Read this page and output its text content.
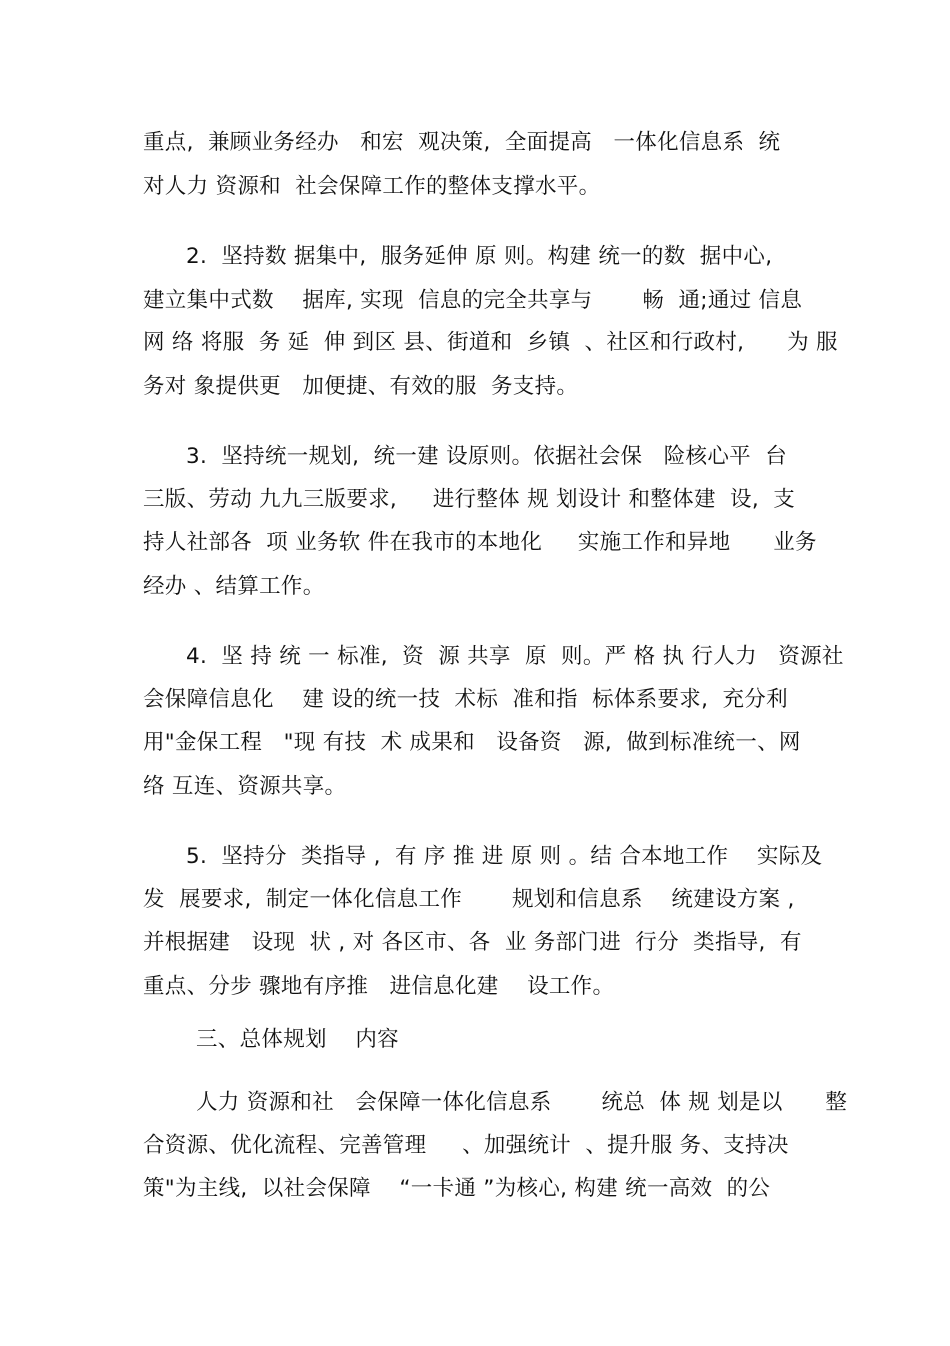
重点,  兼顾业务经办   和宏  观决策,  全面提高   一体化信息系  统
对人力 资源和  社会保障工作的整体支撑水平。
2.  坚持数 据集中,  服务延伸 原 则。构建 统一的数  据中心,
建立集中式数    据库, 实现  信息的完全共享与       畅  通;通过 信息
网 络 将服  务 延  伸 到区 县、街道和  乡镇  、社区和行政村,      为 服
务对 象提供更   加便捷、有效的服  务支持。
3.  坚持统一规划,  统一建 设原则。依据社会保   险核心平  台
三版、劳动 九九三版要求,     进行整体 规 划设计 和整体建  设,  支
持人社部各  项 业务软 件在我市的本地化     实施工作和异地      业务
经办 、结算工作。
4.  坚 持 统 一 标准,  资  源 共享  原  则。严 格 执 行人力   资源社
会保障信息化    建 设的统一技  术标  准和指  标体系要求,  充分利
用"金保工程   "现 有技  术 成果和   设备资   源,  做到标准统一、网
络 互连、资源共享。
5.  坚持分  类指导 ,  有 序 推 进 原 则 。结 合本地工作    实际及
发  展要求,  制定一体化信息工作       规划和信息系    统建设方案 ,
并根据建   设现  状 , 对 各区市、各  业 务部门进  行分  类指导,  有
重点、分步 骤地有序推   进信息化建    设工作。
三、总体规划    内容
人力 资源和社   会保障一体化信息系       统总  体 规 划是以      整
合资源、优化流程、完善管理     、加强统计  、提升服 务、支持决
策"为主线,  以社会保障    “一卡通 ”为核心, 构建 统一高效  的公
